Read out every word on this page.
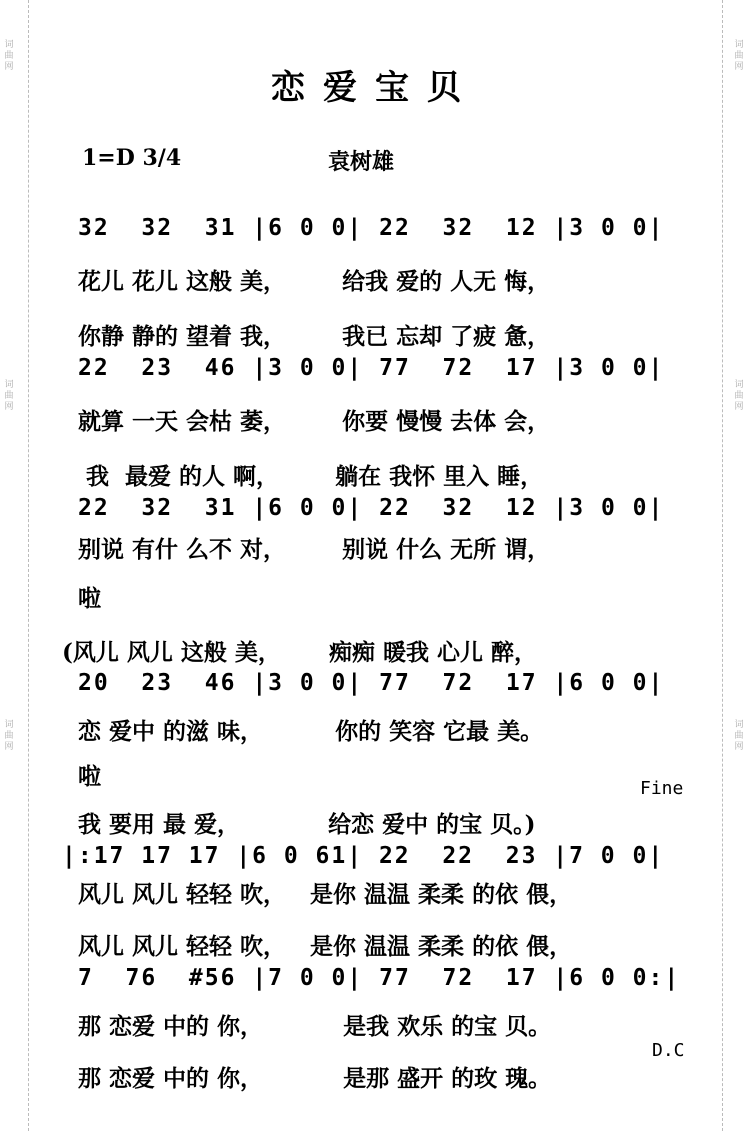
词曲网
词曲网
词曲网
词曲网
词曲网
词曲网
恋爱宝贝
1=D 3/4	袁树雄
32  32  31 |6 0 0| 22  32  12 |3 0 0|
花儿 花儿 这般 美，       给我 爱的 人无 悔，
你静 静的 望着 我，       我已 忘却 了疲 惫，
22  23  46 |3 0 0| 77  72  17 |3 0 0|
就算 一天 会枯 萎，       你要 慢慢 去体 会，
我  最爱 的人 啊，       躺在 我怀 里入 睡，
22  32  31 |6 0 0| 22  32  12 |3 0 0|
别说 有什 么不 对，       别说 什么 无所 谓，
啦
(风儿 风儿 这般 美，      痴痴 暖我 心儿 醉，
20  23  46 |3 0 0| 77  72  17 |6 0 0|
恋 爱中 的滋 味，         你的 笑容 它最 美。
啦	Fine
我 要用 最 爱，           给恋 爱中 的宝 贝。)
|:17 17 17 |6 0 61| 22  22  23 |7 0 0|
风儿 风儿 轻轻 吹，   是你 温温 柔柔 的依 偎，
风儿 风儿 轻轻 吹，   是你 温温 柔柔 的依 偎，
7  76  #56 |7 0 0| 77  72  17 |6 0 0:|
那 恋爱 中的 你，          是我 欢乐 的宝 贝。
D.C
那 恋爱 中的 你，          是那 盛开 的玫 瑰。
